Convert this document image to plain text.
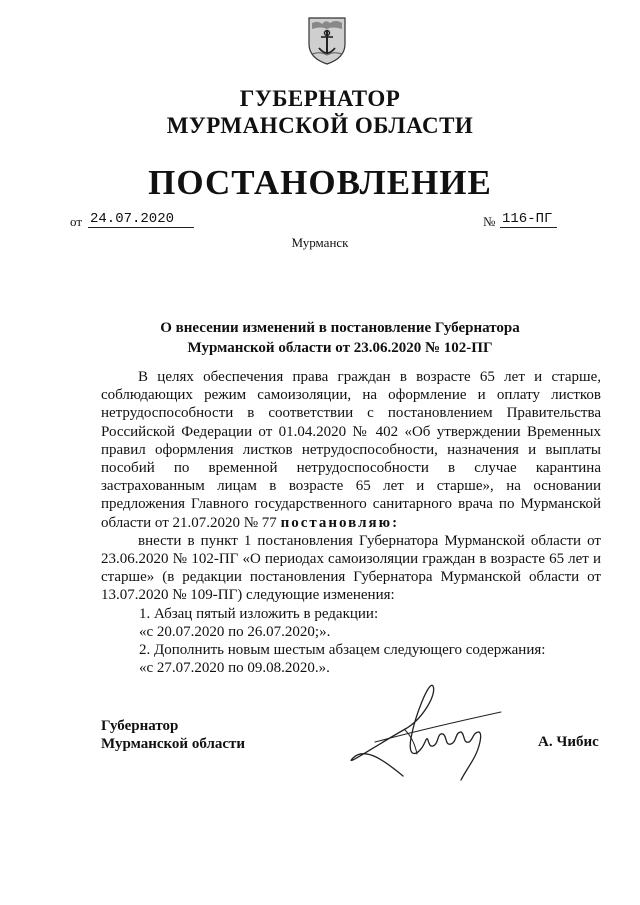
ГУБЕРНАТОР
МУРМАНСКОЙ ОБЛАСТИ
ПОСТАНОВЛЕНИЕ
от 24.07.2020	№ 116-ПГ
Мурманск
О внесении изменений в постановление Губернатора
Мурманской области от 23.06.2020 № 102-ПГ

В целях обеспечения права граждан в возрасте 65 лет и старше, соблюдающих режим самоизоляции, на оформление и оплату листков нетрудоспособности в соответствии с постановлением Правительства Российской Федерации от 01.04.2020 № 402 «Об утверждении Временных правил оформления листков нетрудоспособности, назначения и выплаты пособий по временной нетрудоспособности в случае карантина застрахованным лицам в возрасте 65 лет и старше», на основании предложения Главного государственного санитарного врача по Мурманской области от 21.07.2020 № 77 постановляю:

внести в пункт 1 постановления Губернатора Мурманской области от 23.06.2020 № 102-ПГ «О периодах самоизоляции граждан в возрасте 65 лет и старше» (в редакции постановления Губернатора Мурманской области от 13.07.2020 № 109-ПГ) следующие изменения:

1. Абзац пятый изложить в редакции:

«с 20.07.2020 по 26.07.2020;».

2. Дополнить новым шестым абзацем следующего содержания:

«с 27.07.2020 по 09.08.2020.».

Губернатор
Мурманской области	А. Чибис
